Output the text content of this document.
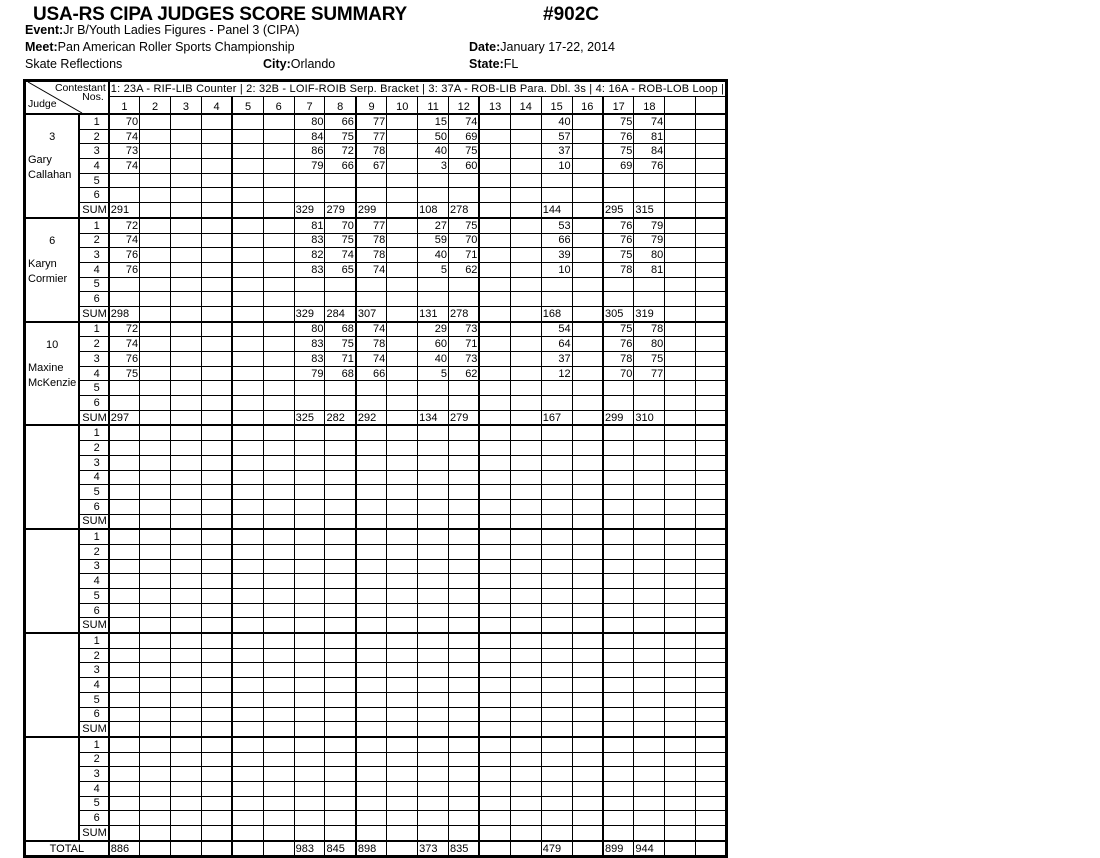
USA-RS CIPA JUDGES SCORE SUMMARY	#902C
Event:Jr B/Youth Ladies Figures - Panel 3 (CIPA)
Meet:Pan American Roller Sports Championship	Date:January 17-22, 2014
Skate Reflections	City:Orlando	State:FL
Contestant
Nos.
Judge		1: 23A - RIF-LIB Counter | 2: 32B - LOIF-ROIB Serp. Bracket | 3: 37A - ROB-LIB Para. Dbl. 3s | 4: 16A - ROB-LOB Loop |																			
		1	2	3	4	5	6	7	8	9	10	11	12	13	14	15	16	17	18		

3
Gary Callahan	1	70						80	66	77		15	74			40		75	74		
	2	74						84	75	77		50	69			57		76	81		
	3	73						86	72	78		40	75			37		75	84		
	4	74						79	66	67		3	60			10		69	76		
	5																				
	6																				
	SUM	291						329	279	299		108	278			144		295	315		

6
Karyn Cormier	1	72						81	70	77		27	75			53		76	79		
	2	74						83	75	78		59	70			66		76	79		
	3	76						82	74	78		40	71			39		75	80		
	4	76						83	65	74		5	62			10		78	81		
	5																				
	6																				
	SUM	298						329	284	307		131	278			168		305	319		

10
Maxine McKenzie	1	72						80	68	74		29	73			54		75	78		
	2	74						83	75	78		60	71			64		76	80		
	3	76						83	71	74		40	73			37		78	75		
	4	75						79	68	66		5	62			12		70	77		
	5																				
	6																				
	SUM	297						325	282	292		134	279			167		299	310		

	1																				
	2																				
	3																				
	4																				
	5																				
	6																				
	SUM																				

	1																				
	2																				
	3																				
	4																				
	5																				
	6																				
	SUM																				

	1																				
	2																				
	3																				
	4																				
	5																				
	6																				
	SUM																				

	1																				
	2																				
	3																				
	4																				
	5																				
	6																				
	SUM																				
TOTAL		886						983	845	898		373	835			479		899	944		
